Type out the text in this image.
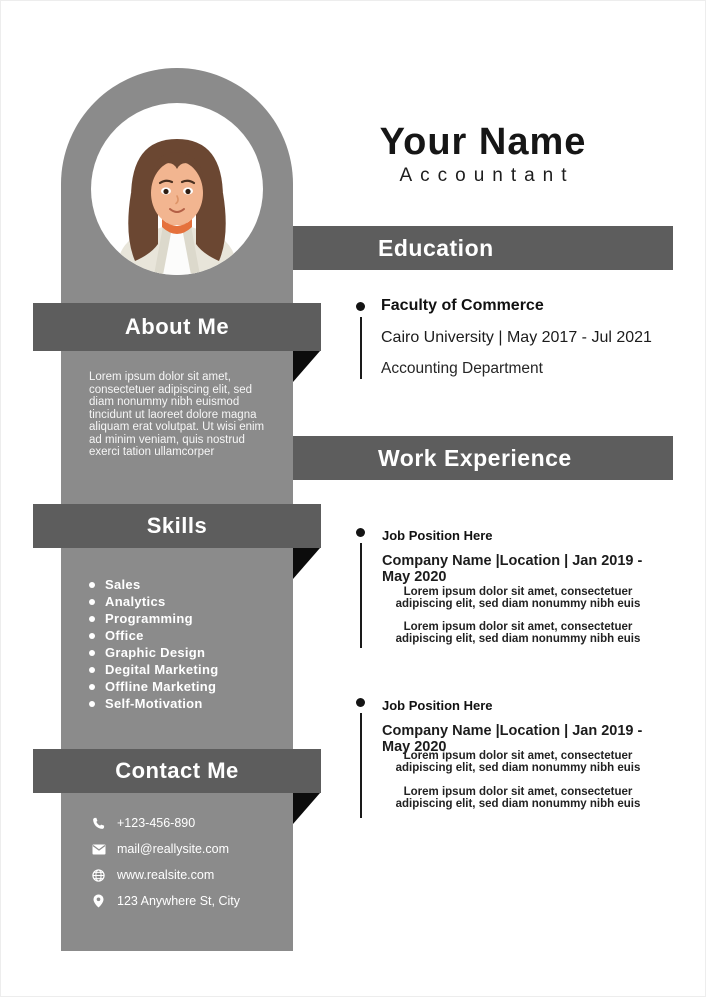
Your Name
Accountant
Education
Work Experience
About Me
Skills
Contact Me
Lorem ipsum dolor sit amet, consectetuer adipiscing elit, sed diam nonummy nibh euismod tincidunt ut laoreet dolore magna aliquam erat volutpat. Ut wisi enim ad minim veniam, quis nostrud exerci tation ullamcorper
Sales
Analytics
Programming
Office
Graphic Design
Degital Marketing
Offline Marketing
Self-Motivation
+123-456-890
mail@reallysite.com
www.realsite.com
123 Anywhere St, City
Faculty of Commerce
Cairo University | May 2017 - Jul 2021
Accounting Department
Job Position Here
Company Name |Location | Jan 2019 - May 2020
Lorem ipsum dolor sit amet, consectetuer adipiscing elit, sed diam nonummy nibh euis
Lorem ipsum dolor sit amet, consectetuer adipiscing elit, sed diam nonummy nibh euis
Job Position Here
Company Name |Location | Jan 2019 - May 2020
Lorem ipsum dolor sit amet, consectetuer adipiscing elit, sed diam nonummy nibh euis
Lorem ipsum dolor sit amet, consectetuer adipiscing elit, sed diam nonummy nibh euis
